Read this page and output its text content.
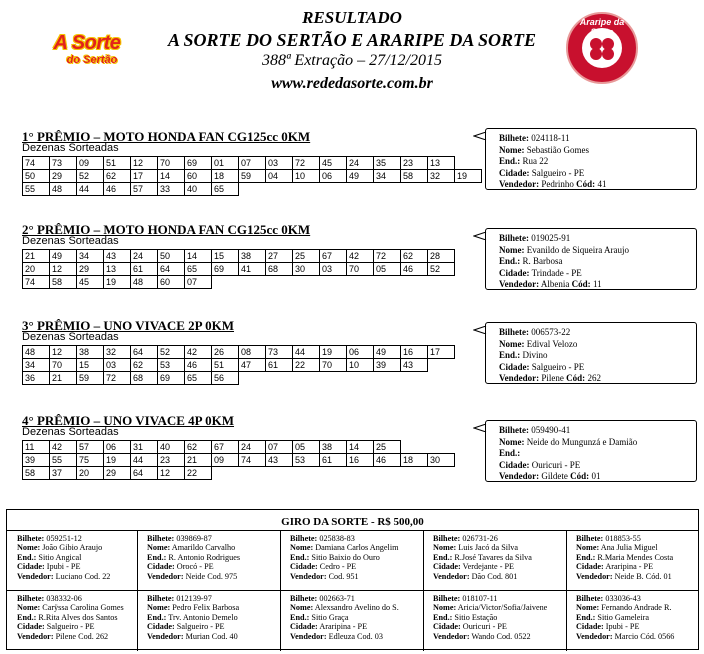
RESULTADO
A SORTE DO SERTÃO E ARARIPE DA SORTE
388ª Extração – 27/12/2015
www.rededasorte.com.br
A Sorte
do Sertão
Araripe da
1° PRÊMIO – MOTO HONDA FAN CG125cc 0KM
Dezenas Sorteadas
74	73	09	51	12	70	69	01	07	03	72	45	24	35	23	13	
50	29	52	62	17	14	60	18	59	04	10	06	49	34	58	32	19
55	48	44	46	57	33	40	65									
Bilhete: 024118-11
Nome: Sebastião Gomes
End.: Rua 22
Cidade: Salgueiro - PE
Vendedor: Pedrinho Cód: 41
2° PRÊMIO – MOTO HONDA FAN CG125cc 0KM
Dezenas Sorteadas
21	49	34	43	24	50	14	15	38	27	25	67	42	72	62	28	
20	12	29	13	61	64	65	69	41	68	30	03	70	05	46	52	
74	58	45	19	48	60	07										
Bilhete: 019025-91
Nome: Evanildo de Siqueira Araujo
End.: R. Barbosa
Cidade: Trindade - PE
Vendedor: Albenia Cód: 11
3° PRÊMIO – UNO VIVACE 2P 0KM
Dezenas Sorteadas
48	12	38	32	64	52	42	26	08	73	44	19	06	49	16	17	
34	70	15	03	62	53	46	51	47	61	22	70	10	39	43		
36	21	59	72	68	69	65	56									
Bilhete: 006573-22
Nome: Edival Velozo
End.: Divino
Cidade: Salgueiro - PE
Vendedor: Pilene Cód: 262
4° PRÊMIO – UNO VIVACE 4P 0KM
Dezenas Sorteadas
11	42	57	06	31	40	62	67	24	07	05	38	14	25			
39	55	75	19	44	23	21	09	74	43	53	61	16	46	18	30	
58	37	20	29	64	12	22										
Bilhete: 059490-41
Nome: Neide do Mungunzá e Damião
End.:
Cidade: Ouricuri - PE
Vendedor: Gildete Cód: 01
GIRO DA SORTE - R$ 500,00
Bilhete: 059251-12
Nome: João Gibio Araujo
End.: Sitio Angical
Cidade: Ipubi - PE
Vendedor: Luciano Cod. 22
Bilhete: 039869-87
Nome: Amarildo Carvalho
End.: R. Antonio Rodrigues
Cidade: Orocó - PE
Vendedor: Neide Cod. 975
Bilhete: 025838-83
Nome: Damiana Carlos Angelim
End.: Sitio Baixio do Ouro
Cidade: Cedro - PE
Vendedor: Cod. 951
Bilhete: 026731-26
Nome: Luis Jacó da Silva
End.: R.José Tavares da Silva
Cidade: Verdejante - PE
Vendedor: Dão Cod. 801
Bilhete: 018853-55
Nome: Ana Julia Miguel
End.: R.Maria Mendes Costa
Cidade: Araripina - PE
Vendedor: Neide B. Cód. 01
Bilhete: 038332-06
Nome: Carÿssa Carolina Gomes
End.: R.Rita Alves dos Santos
Cidade: Salgueiro - PE
Vendedor: Pilene Cod. 262
Bilhete: 012139-97
Nome: Pedro Felix Barbosa
End.: Trv. Antonio Demelo
Cidade: Salgueiro - PE
Vendedor: Murian Cod. 40
Bilhete: 002663-71
Nome: Alexsandro Avelino do S.
End.: Sitio Graça
Cidade: Araripina - PE
Vendedor: Edleuza Cod. 03
Bilhete: 018107-11
Nome: Aricia/Victor/Sofia/Jaivene
End.: Sitio Estação
Cidade: Ouricuri - PE
Vendedor: Wando Cod. 0522
Bilhete: 033036-43
Nome: Fernando Andrade R.
End.: Sitio Gameleira
Cidade: Ipubi - PE
Vendedor: Marcio Cód. 0566
